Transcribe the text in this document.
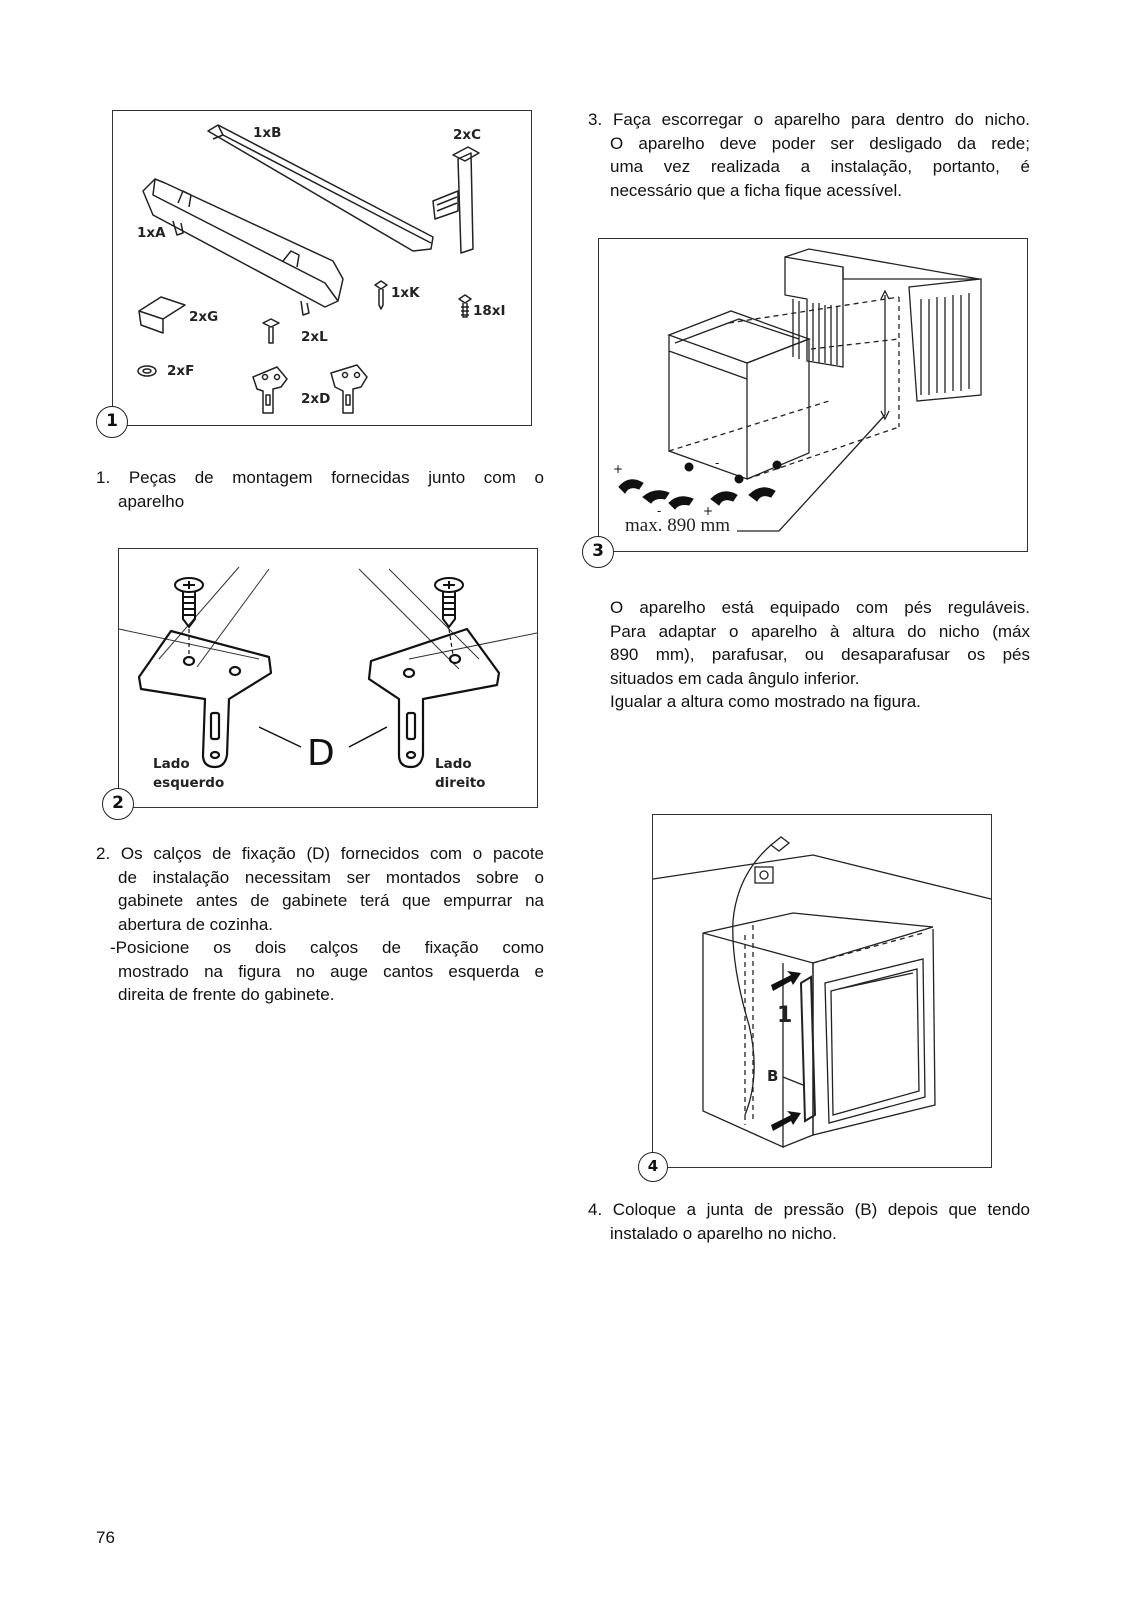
1xB	2xC
1xA
1xK
18xI
2xG
2xL
2xF
2xD
1
D
Lado
esquerdo
Lado
direito
2
+
-	+
-
max. 890 mm
3
1
B
4

1. Peças de montagem fornecidas junto com o

aparelho

2. Os calços de fixação (D) fornecidos com o pacote

de instalação necessitam ser montados sobre o

gabinete antes de gabinete terá que empurrar na

abertura de cozinha.

-Posicione os dois calços de fixação como

mostrado na figura no auge cantos esquerda e

direita de frente do gabinete.

3. Faça escorregar o aparelho para dentro do nicho.

O aparelho deve poder ser desligado da rede;

uma vez realizada a instalação, portanto, é

necessário que a ficha fique acessível.

O aparelho está equipado com pés reguláveis.

Para adaptar o aparelho à altura do nicho (máx

890 mm), parafusar, ou desaparafusar os pés

situados em cada ângulo inferior.

Igualar a altura como mostrado na figura.

4. Coloque a junta de pressão (B) depois que tendo

instalado o aparelho no nicho.

76
